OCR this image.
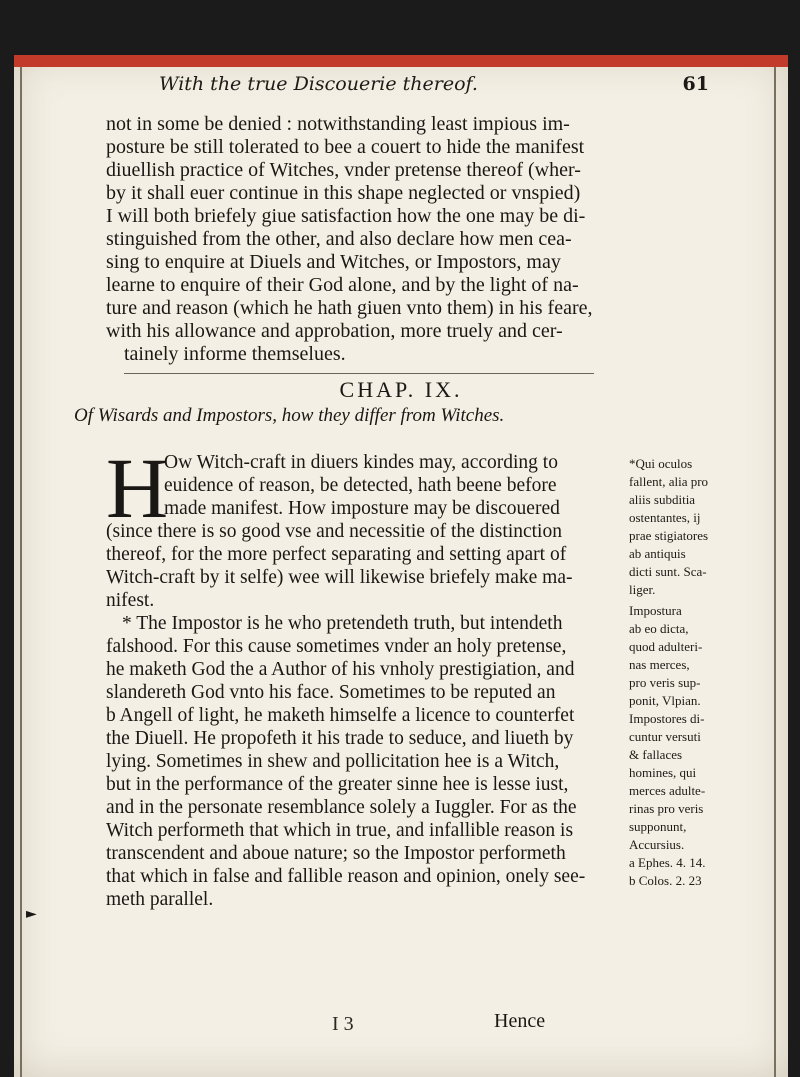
With the true Discouerie thereof.	61
not in some be denied : notwithstanding least impious im-
posture be still tolerated to bee a couert to hide the manifest
diuellish practice of Witches, vnder pretense thereof (wher-
by it shall euer continue in this shape neglected or vnspied)
I will both briefely giue satisfaction how the one may be di-
stinguished from the other, and also declare how men cea-
sing to enquire at Diuels and Witches, or Impostors, may
learne to enquire of their God alone, and by the light of na-
ture and reason (which he hath giuen vnto them) in his feare,
with his allowance and approbation, more truely and cer-
tainely informe themselues.
CHAP. IX.
Of Wisards and Impostors, how they differ from Witches.
H
Ow Witch-craft in diuers kindes may, according to
euidence of reason, be detected, hath beene before
made manifest. How imposture may be discouered
(since there is so good vse and necessitie of the distinction
thereof, for the more perfect separating and setting apart of
Witch-craft by it selfe) wee will likewise briefely make ma-
nifest.
* The Impostor is he who pretendeth truth, but intendeth
falshood. For this cause sometimes vnder an holy pretense,
he maketh God the a Author of his vnholy prestigiation, and
slandereth God vnto his face. Sometimes to be reputed an
b Angell of light, he maketh himselfe a licence to counterfet
the Diuell. He propofeth it his trade to seduce, and liueth by
lying. Sometimes in shew and pollicitation hee is a Witch,
but in the performance of the greater sinne hee is lesse iust,
and in the personate resemblance solely a Iuggler. For as the
Witch performeth that which in true, and infallible reason is
transcendent and aboue nature; so the Impostor performeth
that which in false and fallible reason and opinion, onely see-
meth parallel.
*Qui oculos
fallent, alia pro
aliis subditia
ostentantes, ij
prae stigiatores
ab antiquis
dicti sunt. Sca-
liger.
Impostura
ab eo dicta,
quod adulteri-
nas merces,
pro veris sup-
ponit, Vlpian.
Impostores di-
cuntur versuti
& fallaces
homines, qui
merces adulte-
rinas pro veris
supponunt,
Accursius.
a Ephes. 4. 14.
b Colos. 2. 23
►
I 3	Hence
